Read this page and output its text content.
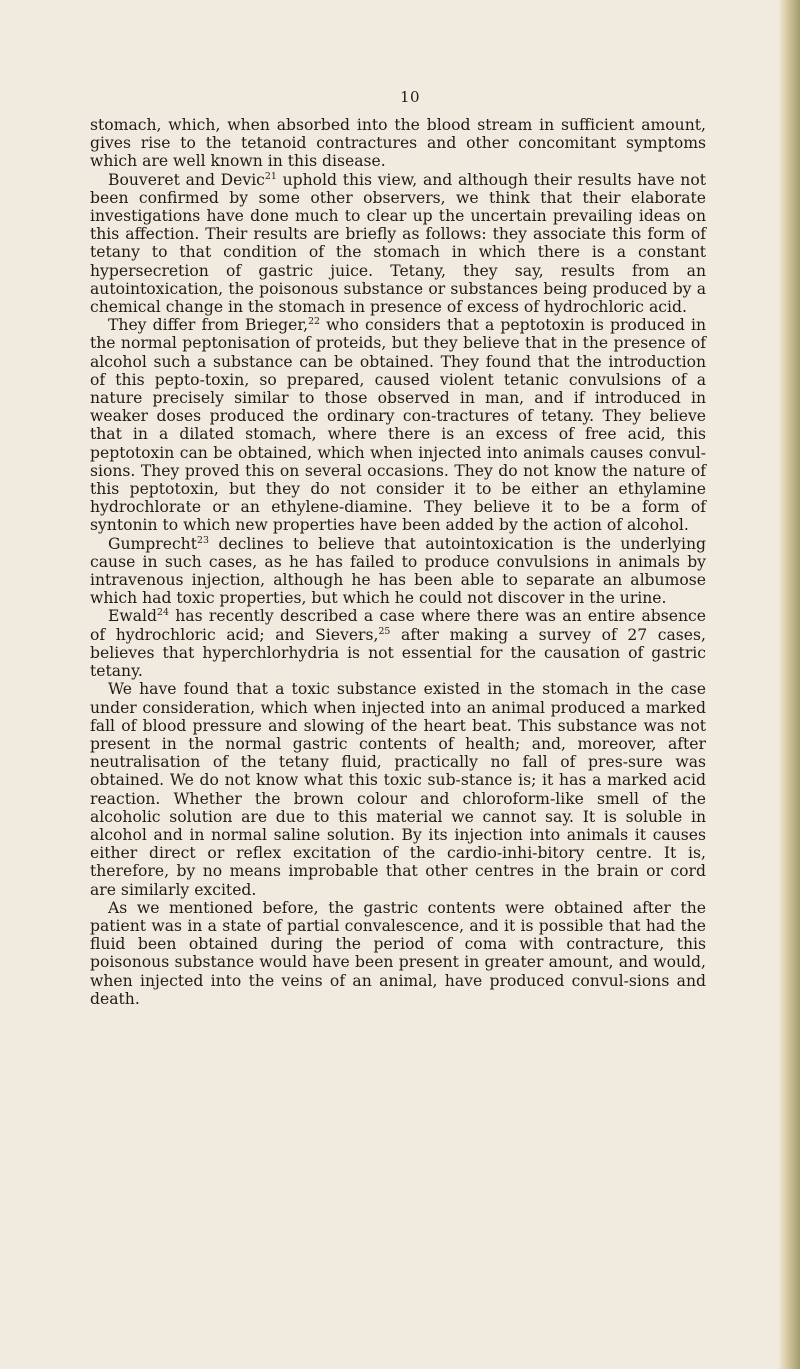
10

stomach, which, when absorbed into the blood stream in sufficient amount, gives rise to the tetanoid contractures and other concomitant symptoms which are well known in this disease.

Bouveret and Devic$^{21}$ uphold this view, and although their results have not been confirmed by some other observers, we think that their elaborate investigations have done much to clear up the uncertain prevailing ideas on this affection. Their results are briefly as follows: they associate this form of tetany to that condition of the stomach in which there is a constant hypersecretion of gastric juice. Tetany, they say, results from an autointoxication, the poisonous substance or substances being produced by a chemical change in the stomach in presence of excess of hydrochloric acid.

They differ from Brieger,$^{22}$ who considers that a peptotoxin is produced in the normal peptonisation of proteids, but they believe that in the presence of alcohol such a substance can be obtained. They found that the introduction of this pepto-toxin, so prepared, caused violent tetanic convulsions of a nature precisely similar to those observed in man, and if introduced in weaker doses produced the ordinary con-tractures of tetany. They believe that in a dilated stomach, where there is an excess of free acid, this peptotoxin can be obtained, which when injected into animals causes convul-sions. They proved this on several occasions. They do not know the nature of this peptotoxin, but they do not consider it to be either an ethylamine hydrochlorate or an ethylene-diamine. They believe it to be a form of syntonin to which new properties have been added by the action of alcohol.

Gumprecht$^{23}$ declines to believe that autointoxication is the underlying cause in such cases, as he has failed to produce convulsions in animals by intravenous injection, although he has been able to separate an albumose which had toxic properties, but which he could not discover in the urine.

Ewald$^{24}$ has recently described a case where there was an entire absence of hydrochloric acid; and Sievers,$^{25}$ after making a survey of 27 cases, believes that hyperchlorhydria is not essential for the causation of gastric tetany.

We have found that a toxic substance existed in the stomach in the case under consideration, which when injected into an animal produced a marked fall of blood pressure and slowing of the heart beat. This substance was not present in the normal gastric contents of health; and, moreover, after neutralisation of the tetany fluid, practically no fall of pres-sure was obtained. We do not know what this toxic sub-stance is; it has a marked acid reaction. Whether the brown colour and chloroform-like smell of the alcoholic solution are due to this material we cannot say. It is soluble in alcohol and in normal saline solution. By its injection into animals it causes either direct or reflex excitation of the cardio-inhi-bitory centre. It is, therefore, by no means improbable that other centres in the brain or cord are similarly excited.

As we mentioned before, the gastric contents were obtained after the patient was in a state of partial convalescence, and it is possible that had the fluid been obtained during the period of coma with contracture, this poisonous substance would have been present in greater amount, and would, when injected into the veins of an animal, have produced convul-sions and death.
